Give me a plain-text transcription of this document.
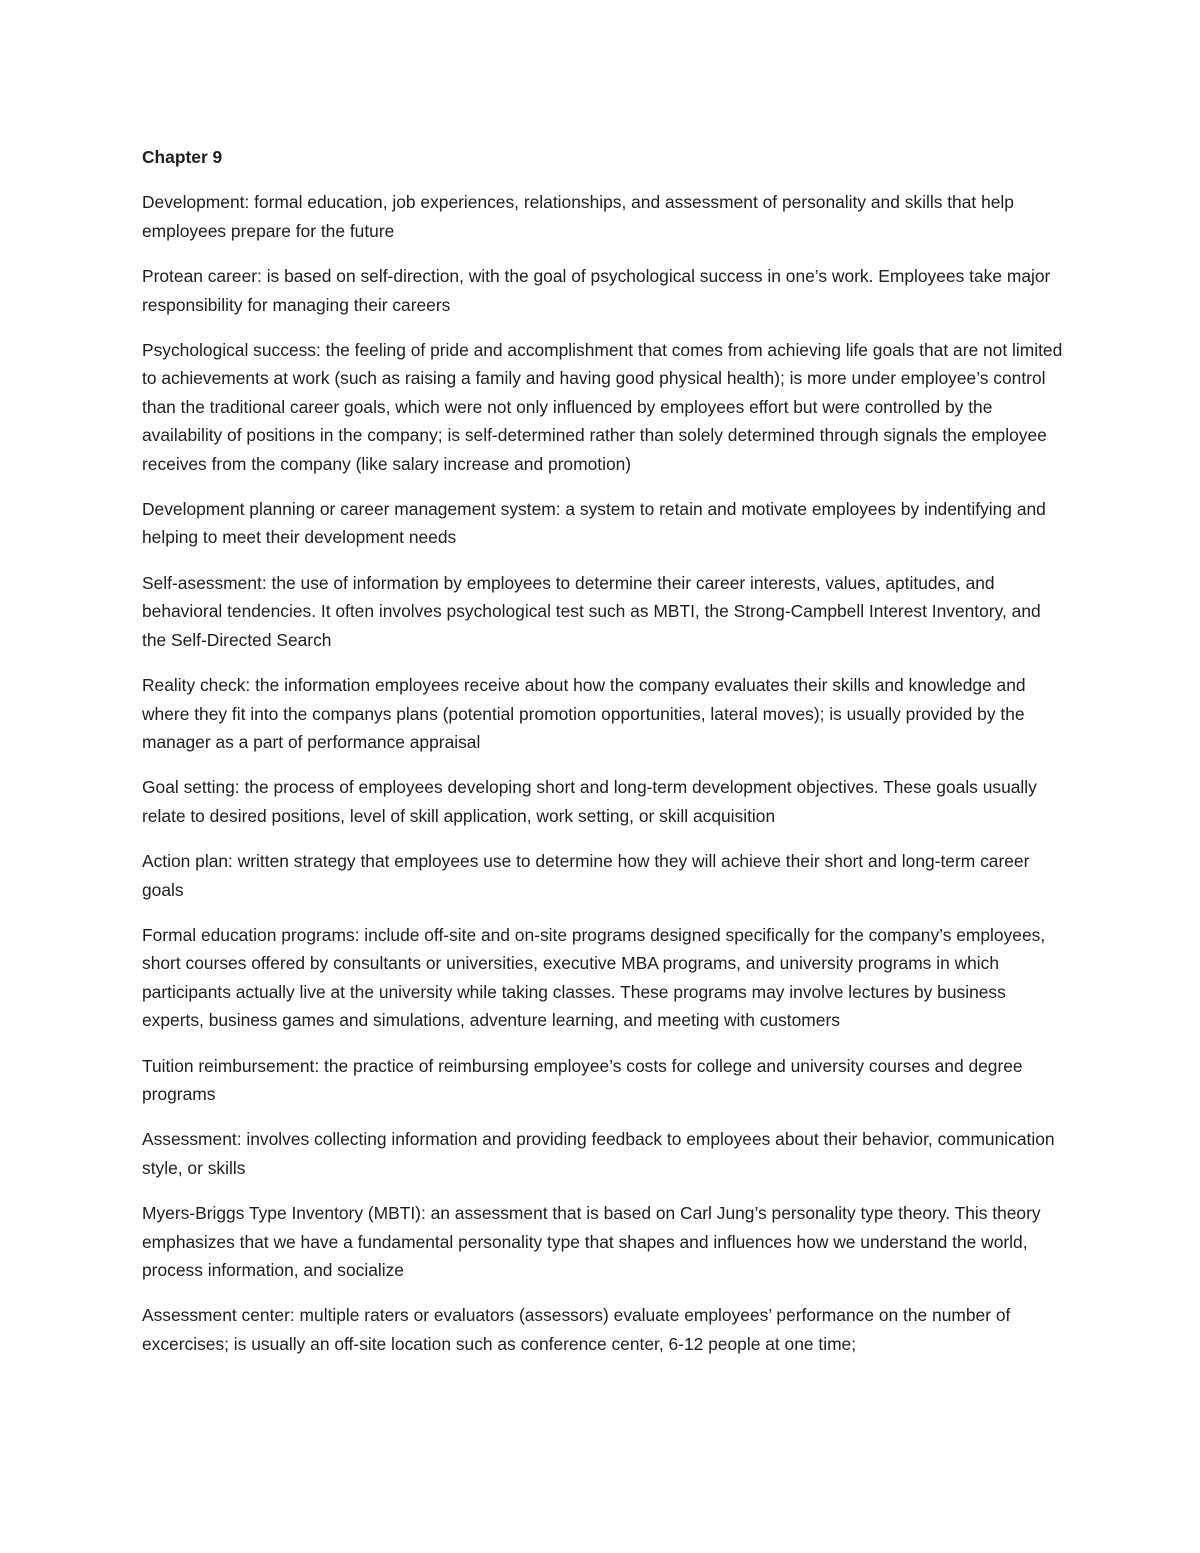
Chapter 9

Development: formal education, job experiences, relationships, and assessment of personality and skills that help employees prepare for the future

Protean career: is based on self-direction, with the goal of psychological success in one’s work. Employees take major responsibility for managing their careers

Psychological success: the feeling of pride and accomplishment that comes from achieving life goals that are not limited to achievements at work (such as raising a family and having good physical health); is more under employee’s control than the traditional career goals, which were not only influenced by employees effort but were controlled by the availability of positions in the company; is self-determined rather than solely determined through signals the employee receives from the company (like salary increase and promotion)

Development planning or career management system: a system to retain and motivate employees by indentifying and helping to meet their development needs

Self-asessment: the use of information by employees to determine their career interests, values, aptitudes, and behavioral tendencies. It often involves psychological test such as MBTI, the Strong-Campbell Interest Inventory, and the Self-Directed Search

Reality check: the information employees receive about how the company evaluates their skills and knowledge and where they fit into the companys plans (potential promotion opportunities, lateral moves); is usually provided by the manager as a part of performance appraisal

Goal setting: the process of employees developing short and long-term development objectives. These goals usually relate to desired positions, level of skill application, work setting, or skill acquisition

Action plan: written strategy that employees use to determine how they will achieve their short and long-term career goals

Formal education programs: include off-site and on-site programs designed specifically for the company’s employees, short courses offered by consultants or universities, executive MBA programs, and university programs in which participants actually live at the university while taking classes. These programs may involve lectures by business experts, business games and simulations, adventure learning, and meeting with customers

Tuition reimbursement: the practice of reimbursing employee’s costs for college and university courses and degree programs

Assessment: involves collecting information and providing feedback to employees about their behavior, communication style, or skills

Myers-Briggs Type Inventory (MBTI): an assessment that is based on Carl Jung’s personality type theory. This theory emphasizes that we have a fundamental personality type that shapes and influences how we understand the world, process information, and socialize

Assessment center: multiple raters or evaluators (assessors) evaluate employees’ performance on the number of excercises; is usually an off-site location such as conference center, 6-12 people at one time;
